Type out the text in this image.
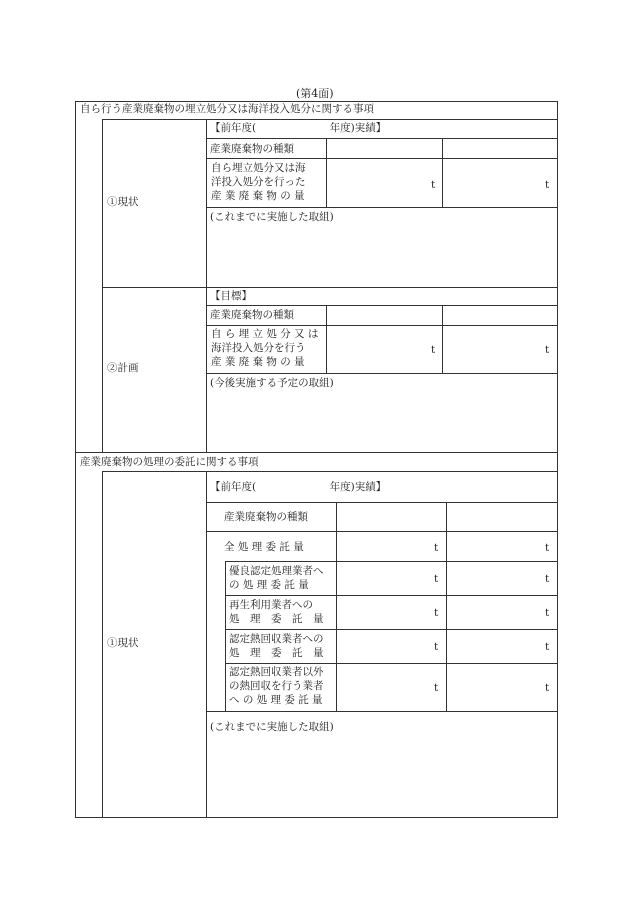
(第4面)
自ら行う産業廃棄物の埋立処分又は海洋投入処分に関する事項
①現状
【前年度(　　　　　　　年度)実績】
産業廃棄物の種類
自ら埋立処分又は海
洋投入処分を行った
産 業 廃 棄 物 の 量
t	t
(これまでに実施した取組)
②計画
【目標】
産業廃棄物の種類
自 ら 埋 立 処 分 又 は
海洋投入処分を行う
産 業 廃 棄 物 の 量
t	t
(今後実施する予定の取組)
産業廃棄物の処理の委託に関する事項
①現状
【前年度(　　　　　　　年度)実績】
産業廃棄物の種類
全 処 理 委 託 量	t	t
優良認定処理業者へ
の 処 理 委 託 量	t	t
再生利用業者への
処　理　委　託　量	t	t
認定熱回収業者への
処　理　委　託　量	t	t
認定熱回収業者以外
の熱回収を行う業者
へ の 処 理 委 託 量
t	t
(これまでに実施した取組)
